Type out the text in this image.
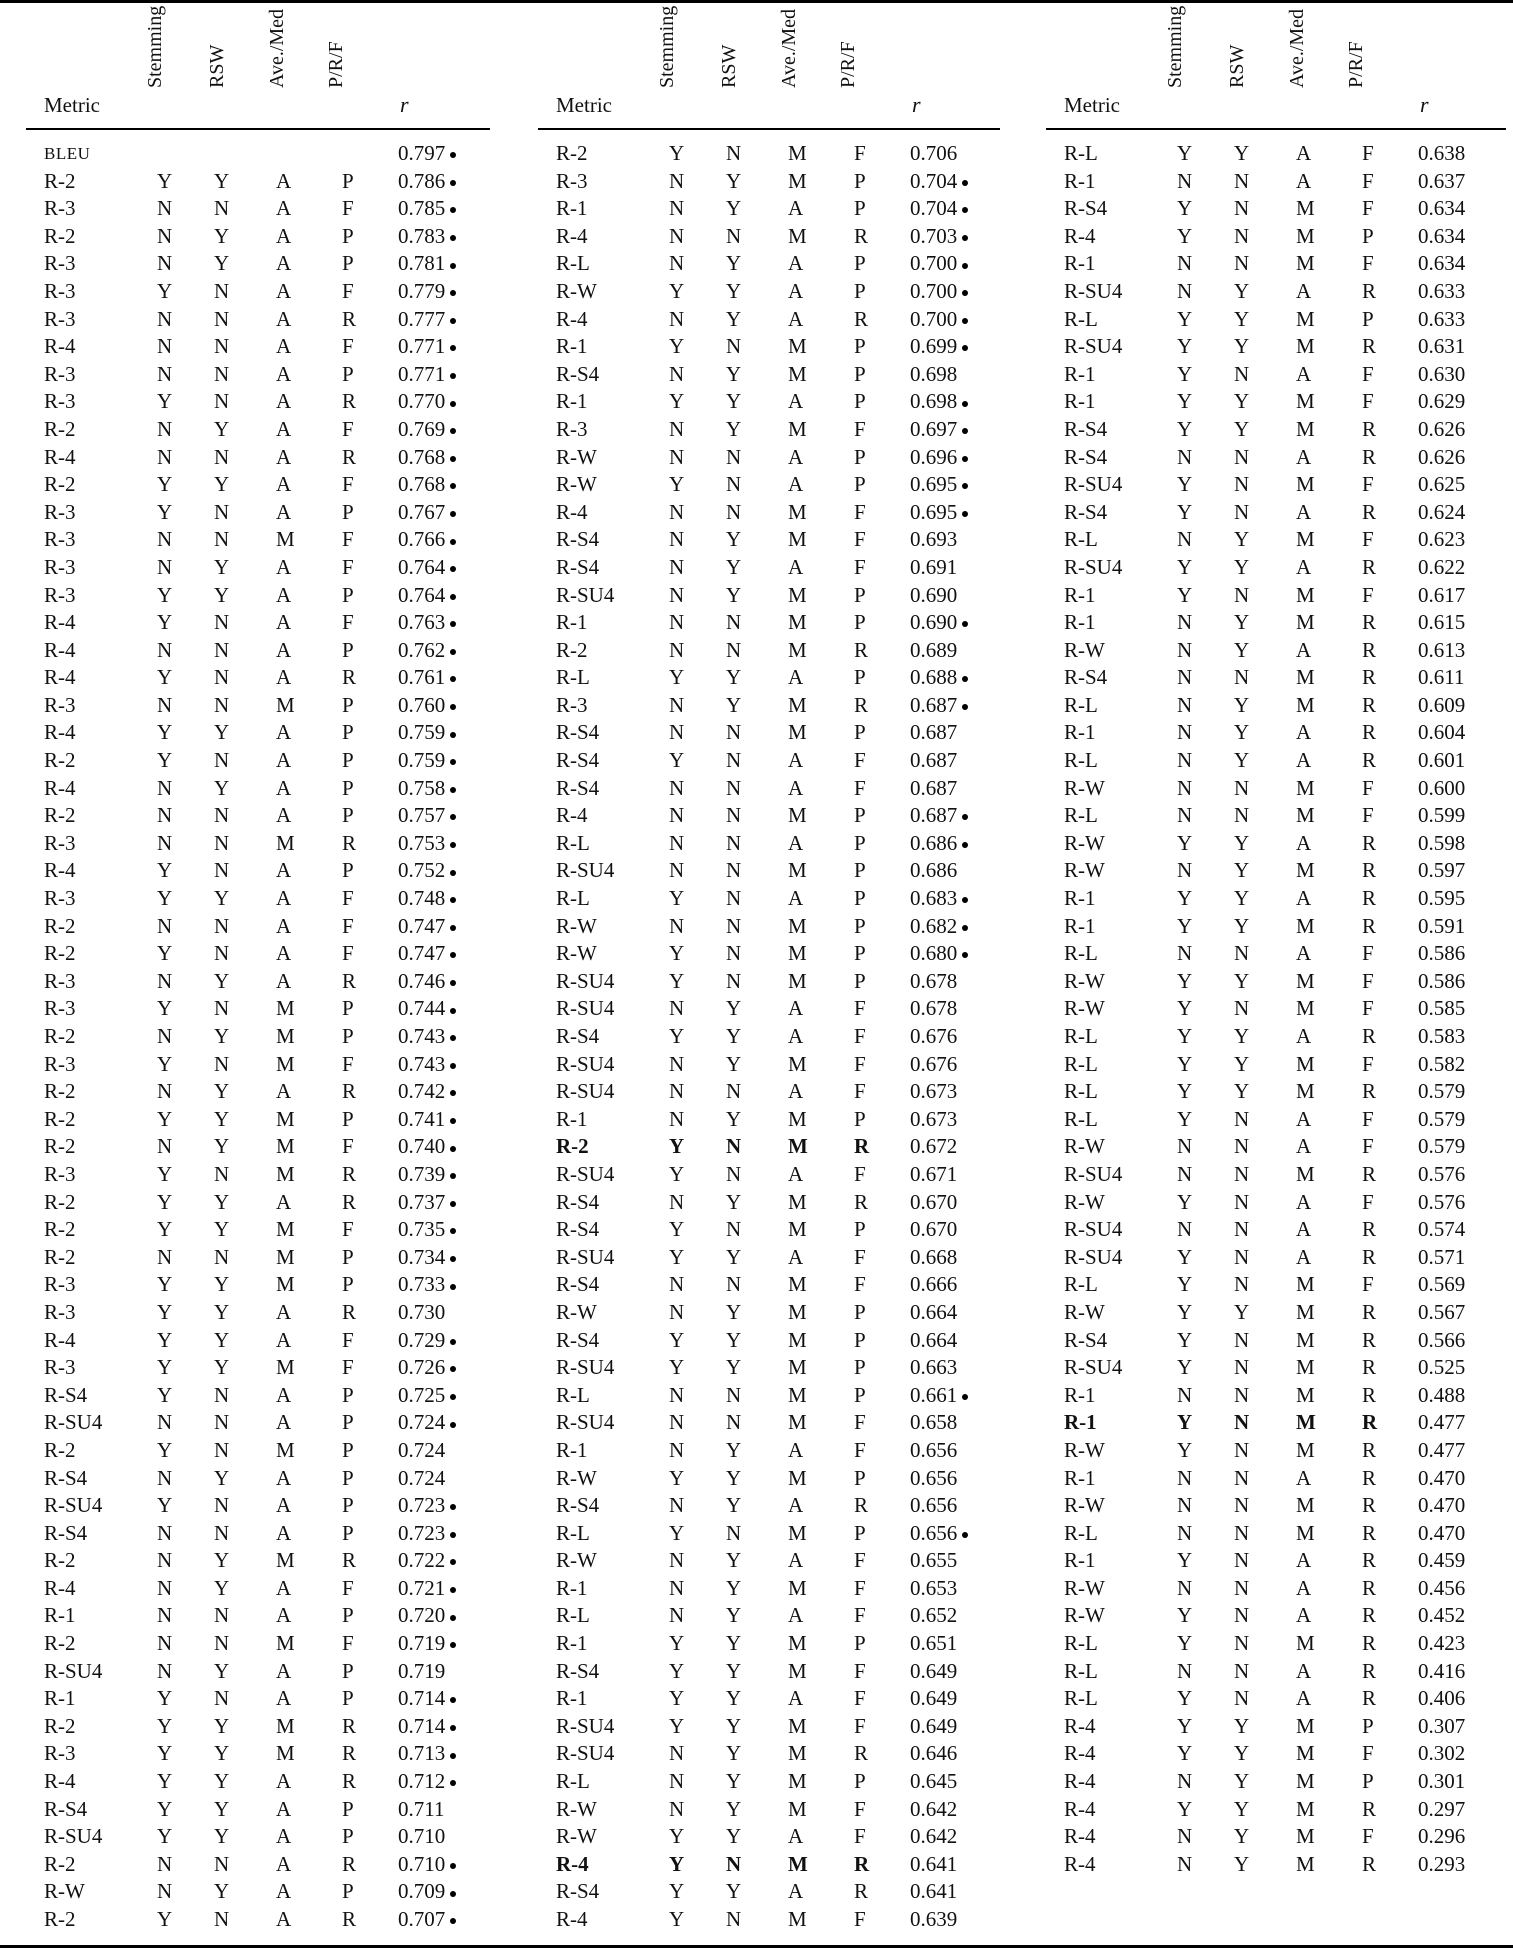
Metric
Stemming RSW Ave./Med P/R/F
r
BLEU	0.797
R-2	Y Y A P 0.786
R-3	N N A F 0.785
R-2	N Y A P 0.783
R-3	N Y A P 0.781
R-3	Y N A F 0.779
R-3	N N A R 0.777
R-4	N N A F 0.771
R-3	N N A P 0.771
R-3	Y N A R 0.770
R-2	N Y A F 0.769
R-4	N N A R 0.768
R-2	Y Y A F 0.768
R-3	Y N A P 0.767
R-3	N N M F 0.766
R-3	N Y A F 0.764
R-3	Y Y A P 0.764
R-4	Y N A F 0.763
R-4	N N A P 0.762
R-4	Y N A R 0.761
R-3	N N M P 0.760
R-4	Y Y A P 0.759
R-2	Y N A P 0.759
R-4	N Y A P 0.758
R-2	N N A P 0.757
R-3	N N M R 0.753
R-4	Y N A P 0.752
R-3	Y Y A F 0.748
R-2	N N A F 0.747
R-2	Y N A F 0.747
R-3	N Y A R 0.746
R-3	Y N M P 0.744
R-2	N Y M P 0.743
R-3	Y N M F 0.743
R-2	N Y A R 0.742
R-2	Y Y M P 0.741
R-2	N Y M F 0.740
R-3	Y N M R 0.739
R-2	Y Y A R 0.737
R-2	Y Y M F 0.735
R-2	N N M P 0.734
R-3	Y Y M P 0.733
R-3	Y Y A R 0.730
R-4	Y Y A F 0.729
R-3	Y Y M F 0.726
R-S4	Y N A P 0.725
R-SU4	N N A P 0.724
R-2	Y N M P 0.724
R-S4	N Y A P 0.724
R-SU4	Y N A P 0.723
R-S4	N N A P 0.723
R-2	N Y M R 0.722
R-4	N Y A F 0.721
R-1	N N A P 0.720
R-2	N N M F 0.719
R-SU4	N Y A P 0.719
R-1	Y N A P 0.714
R-2	Y Y M R 0.714
R-3	Y Y M R 0.713
R-4	Y Y A R 0.712
R-S4	Y Y A P 0.711
R-SU4	Y Y A P 0.710
R-2	N N A R 0.710
R-W	N Y A P 0.709
R-2	Y N A R 0.707
Metric
Stemming RSW Ave./Med P/R/F
r
R-2	Y N M F 0.706
R-3	N Y M P 0.704
R-1	N Y A P 0.704
R-4	N N M R 0.703
R-L	N Y A P 0.700
R-W	Y Y A P 0.700
R-4	N Y A R 0.700
R-1	Y N M P 0.699
R-S4	N Y M P 0.698
R-1	Y Y A P 0.698
R-3	N Y M F 0.697
R-W	N N A P 0.696
R-W	Y N A P 0.695
R-4	N N M F 0.695
R-S4	N Y M F 0.693
R-S4	N Y A F 0.691
R-SU4	N Y M P 0.690
R-1	N N M P 0.690
R-2	N N M R 0.689
R-L	Y Y A P 0.688
R-3	N Y M R 0.687
R-S4	N N M P 0.687
R-S4	Y N A F 0.687
R-S4	N N A F 0.687
R-4	N N M P 0.687
R-L	N N A P 0.686
R-SU4	N N M P 0.686
R-L	Y N A P 0.683
R-W	N N M P 0.682
R-W	Y N M P 0.680
R-SU4	Y N M P 0.678
R-SU4	N Y A F 0.678
R-S4	Y Y A F 0.676
R-SU4	N Y M F 0.676
R-SU4	N N A F 0.673
R-1	N Y M P 0.673
R-2	Y N M R 0.672
R-SU4	Y N A F 0.671
R-S4	N Y M R 0.670
R-S4	Y N M P 0.670
R-SU4	Y Y A F 0.668
R-S4	N N M F 0.666
R-W	N Y M P 0.664
R-S4	Y Y M P 0.664
R-SU4	Y Y M P 0.663
R-L	N N M P 0.661
R-SU4	N N M F 0.658
R-1	N Y A F 0.656
R-W	Y Y M P 0.656
R-S4	N Y A R 0.656
R-L	Y N M P 0.656
R-W	N Y A F 0.655
R-1	N Y M F 0.653
R-L	N Y A F 0.652
R-1	Y Y M P 0.651
R-S4	Y Y M F 0.649
R-1	Y Y A F 0.649
R-SU4	Y Y M F 0.649
R-SU4	N Y M R 0.646
R-L	N Y M P 0.645
R-W	N Y M F 0.642
R-W	Y Y A F 0.642
R-4	Y N M R 0.641
R-S4	Y Y A R 0.641
R-4	Y N M F 0.639
Metric
Stemming RSW Ave./Med P/R/F
r
R-L	Y Y A F 0.638
R-1	N N A F 0.637
R-S4	Y N M F 0.634
R-4	Y N M P 0.634
R-1	N N M F 0.634
R-SU4	N Y A R 0.633
R-L	Y Y M P 0.633
R-SU4	Y Y M R 0.631
R-1	Y N A F 0.630
R-1	Y Y M F 0.629
R-S4	Y Y M R 0.626
R-S4	N N A R 0.626
R-SU4	Y N M F 0.625
R-S4	Y N A R 0.624
R-L	N Y M F 0.623
R-SU4	Y Y A R 0.622
R-1	Y N M F 0.617
R-1	N Y M R 0.615
R-W	N Y A R 0.613
R-S4	N N M R 0.611
R-L	N Y M R 0.609
R-1	N Y A R 0.604
R-L	N Y A R 0.601
R-W	N N M F 0.600
R-L	N N M F 0.599
R-W	Y Y A R 0.598
R-W	N Y M R 0.597
R-1	Y Y A R 0.595
R-1	Y Y M R 0.591
R-L	N N A F 0.586
R-W	Y Y M F 0.586
R-W	Y N M F 0.585
R-L	Y Y A R 0.583
R-L	Y Y M F 0.582
R-L	Y Y M R 0.579
R-L	Y N A F 0.579
R-W	N N A F 0.579
R-SU4	N N M R 0.576
R-W	Y N A F 0.576
R-SU4	N N A R 0.574
R-SU4	Y N A R 0.571
R-L	Y N M F 0.569
R-W	Y Y M R 0.567
R-S4	Y N M R 0.566
R-SU4	Y N M R 0.525
R-1	N N M R 0.488
R-1	Y N M R 0.477
R-W	Y N M R 0.477
R-1	N N A R 0.470
R-W	N N M R 0.470
R-L	N N M R 0.470
R-1	Y N A R 0.459
R-W	N N A R 0.456
R-W	Y N A R 0.452
R-L	Y N M R 0.423
R-L	N N A R 0.416
R-L	Y N A R 0.406
R-4	Y Y M P 0.307
R-4	Y Y M F 0.302
R-4	N Y M P 0.301
R-4	Y Y M R 0.297
R-4	N Y M F 0.296
R-4	N Y M R 0.293
